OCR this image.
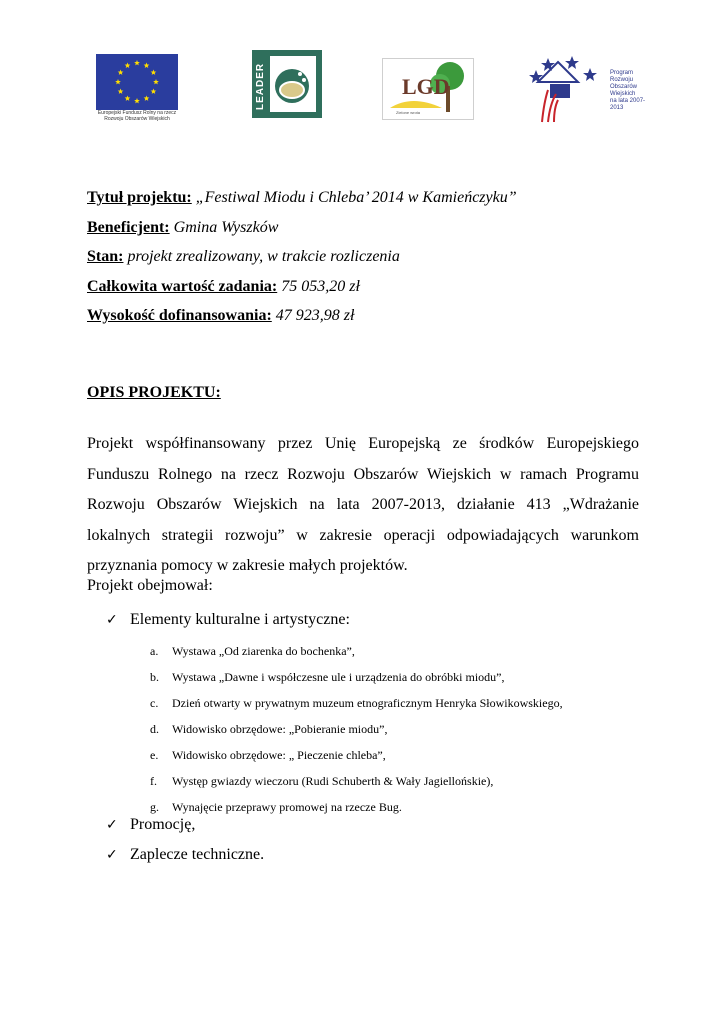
Europejski Fundusz Rolny na rzecz Rozwoju Obszarów Wiejskich
LEADER	LGD
Zielone wrota
Program
Rozwoju
Obszarów
Wiejskich
na lata 2007-2013

Tytuł projektu: „Festiwal Miodu i Chleba’ 2014 w Kamieńczyku”

Beneficjent: Gmina Wyszków

Stan: projekt zrealizowany, w trakcie rozliczenia

Całkowita wartość zadania: 75 053,20 zł

Wysokość dofinansowania: 47 923,98 zł

OPIS PROJEKTU:

Projekt współfinansowany przez Unię Europejską ze środków Europejskiego Funduszu Rolnego na rzecz Rozwoju Obszarów Wiejskich w ramach Programu Rozwoju Obszarów Wiejskich na lata 2007-2013, działanie 413 „Wdrażanie lokalnych strategii rozwoju” w zakresie operacji odpowiadających warunkom przyznania pomocy w zakresie małych projektów.

Projekt obejmował:

✓ Elementy kulturalne i artystyczne:

a. Wystawa „Od ziarenka do bochenka”,
b. Wystawa „Dawne i współczesne ule i urządzenia do obróbki miodu”,
c. Dzień otwarty w prywatnym muzeum etnograficznym Henryka Słowikowskiego,
d. Widowisko obrzędowe: „Pobieranie miodu”,
e. Widowisko obrzędowe: „ Pieczenie chleba”,
f. Występ gwiazdy wieczoru (Rudi Schuberth & Wały Jagiellońskie),
g. Wynajęcie przeprawy promowej na rzecze Bug.

✓ Promocję,

✓ Zaplecze techniczne.
